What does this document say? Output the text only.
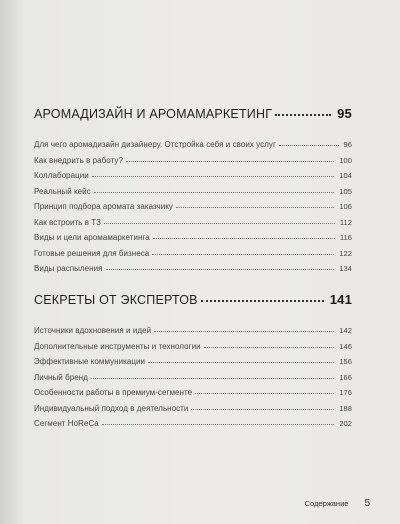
АРОМАДИЗАЙН И АРОМАМАРКЕТИНГ	95
Для чего аромадизайн дизайнеру. Отстройка себя и своих услуг	96
Как внедрить в работу?	100
Коллаборации	104
Реальный кейс	105
Принцип подбора аромата заказчику	106
Как встроить в ТЗ	112
Виды и цели аромамаркетинга	116
Готовые решения для бизнеса	122
Виды распыления	134
СЕКРЕТЫ ОТ ЭКСПЕРТОВ	141
Источники вдохновения и идей	142
Дополнительные инструменты и технологии	146
Эффективные коммуникации	156
Личный бренд	166
Особенности работы в премиум-сегменте	176
Индивидуальный подход в деятельности	188
Сегмент HoReCa	202
Содержание 5
